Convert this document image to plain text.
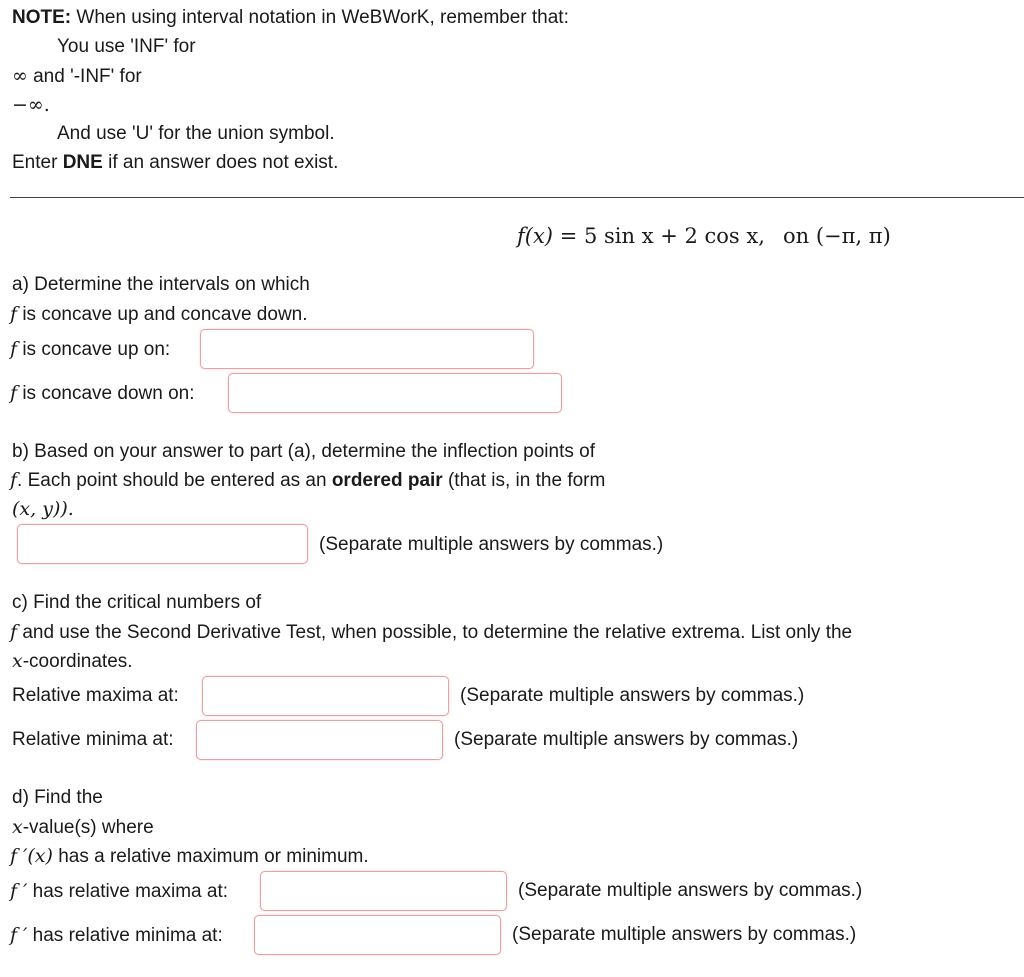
NOTE: When using interval notation in WeBWorK, remember that:
You use 'INF' for
∞ and '-INF' for
−∞.
And use 'U' for the union symbol.
Enter DNE if an answer does not exist.
f(x) = 5 sin x + 2 cos x, on (−π, π)
a) Determine the intervals on which
f is concave up and concave down.
f is concave up on:
f is concave down on:
b) Based on your answer to part (a), determine the inflection points of
f. Each point should be entered as an ordered pair (that is, in the form
(x, y)).
(Separate multiple answers by commas.)
c) Find the critical numbers of
f and use the Second Derivative Test, when possible, to determine the relative extrema. List only the
x-coordinates.
Relative maxima at:	(Separate multiple answers by commas.)
Relative minima at:	(Separate multiple answers by commas.)
d) Find the
x-value(s) where
f ′(x) has a relative maximum or minimum.
f ′ has relative maxima at:	(Separate multiple answers by commas.)
f ′ has relative minima at:	(Separate multiple answers by commas.)
